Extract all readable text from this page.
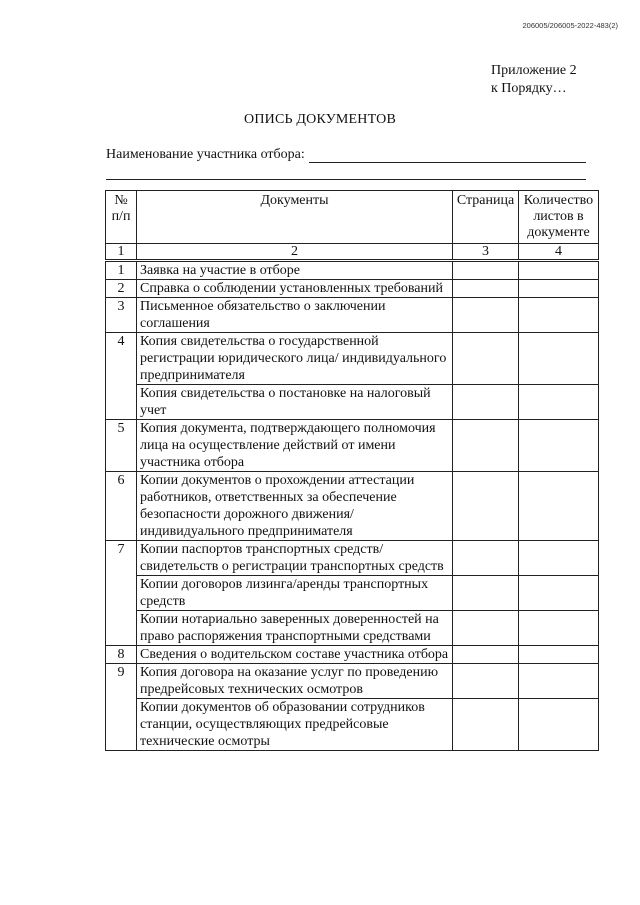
206005/206005-2022-483(2)
Приложение 2
к Порядку…
ОПИСЬ ДОКУМЕНТОВ
Наименование участника отбора:
№ п/п	Документы	Страница	Количество листов в документе
1	2	3	4
1	Заявка на участие в отборе		
2	Справка о соблюдении установленных требований		
3	Письменное обязательство о заключении соглашения		
4	Копия свидетельства о государственной регистрации юридического лица/ индивидуального предпринимателя		
	Копия свидетельства о постановке на налоговый учет		
5	Копия документа, подтверждающего полномочия лица на осуществление действий от имени участника отбора		
6	Копии документов о прохождении аттестации работников, ответственных за обеспечение безопасности дорожного движения/ индивидуального предпринимателя		
7	Копии паспортов транспортных средств/ свидетельств о регистрации транспортных средств		
	Копии договоров лизинга/аренды транспортных средств		
	Копии нотариально заверенных доверенностей на право распоряжения транспортными средствами		
8	Сведения о водительском составе участника отбора		
9	Копия договора на оказание услуг по проведению предрейсовых технических осмотров		
	Копии документов об образовании сотрудников станции, осуществляющих предрейсовые технические осмотры		
